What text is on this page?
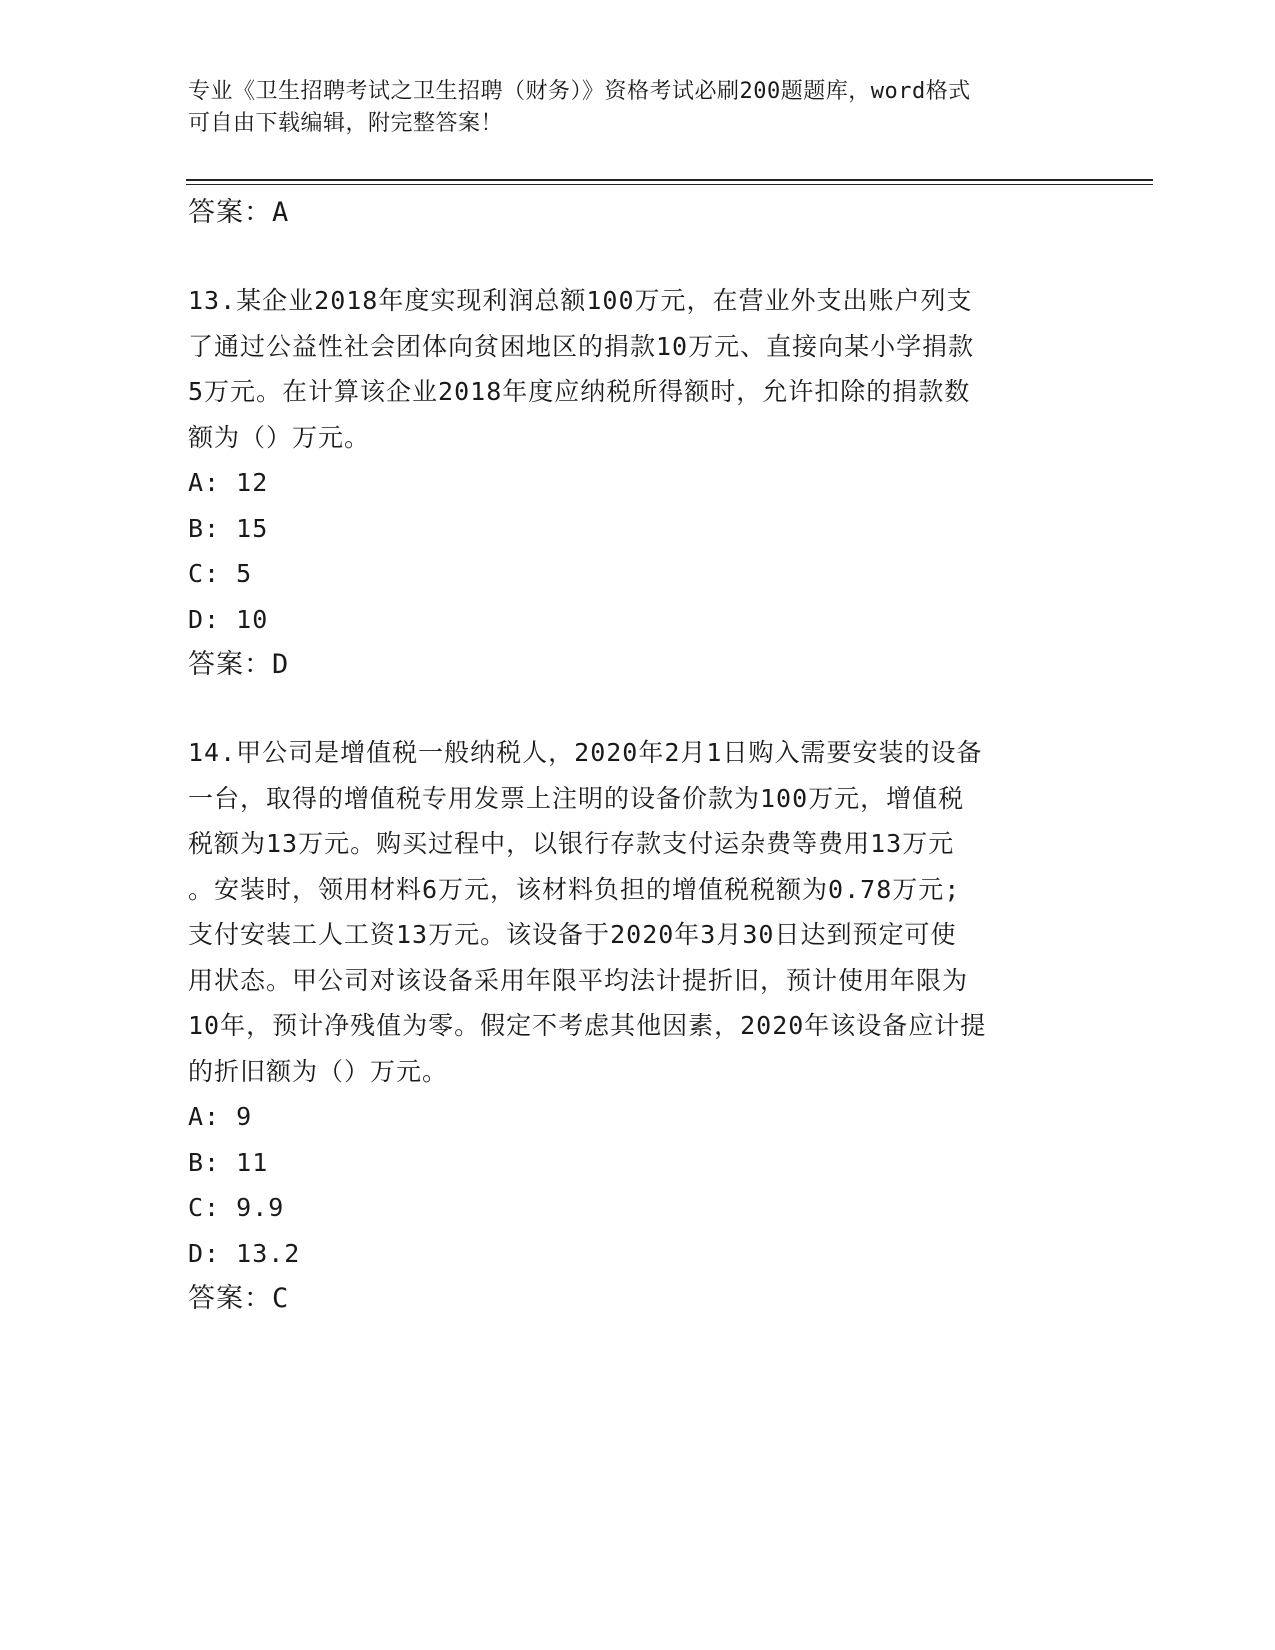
专业《卫生招聘考试之卫生招聘（财务）》资格考试必刷200题题库，word格式
可自由下载编辑，附完整答案！
答案：A
13.某企业2018年度实现利润总额100万元，在营业外支出账户列支
了通过公益性社会团体向贫困地区的捐款10万元、直接向某小学捐款
5万元。在计算该企业2018年度应纳税所得额时，允许扣除的捐款数
额为（）万元。
A: 12
B: 15
C: 5
D: 10
答案：D
14.甲公司是增值税一般纳税人，2020年2月1日购入需要安装的设备
一台，取得的增值税专用发票上注明的设备价款为100万元，增值税
税额为13万元。购买过程中，以银行存款支付运杂费等费用13万元
。安装时，领用材料6万元，该材料负担的增值税税额为0.78万元;
支付安装工人工资13万元。该设备于2020年3月30日达到预定可使
用状态。甲公司对该设备采用年限平均法计提折旧，预计使用年限为
10年，预计净残值为零。假定不考虑其他因素，2020年该设备应计提
的折旧额为（）万元。
A: 9
B: 11
C: 9.9
D: 13.2
答案：C
